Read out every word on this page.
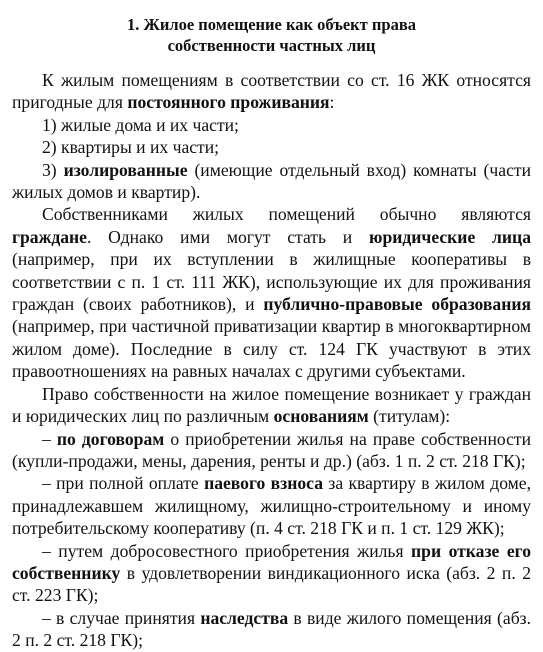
1. Жилое помещение как объект права
собственности частных лиц

К жилым помещениям в соответствии со ст. 16 ЖК относятся пригодные для постоянного проживания:

1) жилые дома и их части;

2) квартиры и их части;

3) изолированные (имеющие отдельный вход) комнаты (части жилых домов и квартир).

Собственниками жилых помещений обычно являются граждане. Однако ими могут стать и юридические лица (например, при их вступлении в жилищные кооперативы в соответствии с п. 1 ст. 111 ЖК), использующие их для проживания граждан (своих работников), и публично-правовые образования (например, при частичной приватизации квартир в многоквартирном жилом доме). Последние в силу ст. 124 ГК участвуют в этих правоотношениях на равных началах с другими субъектами.

Право собственности на жилое помещение возникает у граждан и юридических лиц по различным основаниям (титулам):

– по договорам о приобретении жилья на праве собственности (купли-продажи, мены, дарения, ренты и др.) (абз. 1 п. 2 ст. 218 ГК);

– при полной оплате паевого взноса за квартиру в жилом доме, принадлежавшем жилищному, жилищно-строительному и иному потребительскому кооперативу (п. 4 ст. 218 ГК и п. 1 ст. 129 ЖК);

– путем добросовестного приобретения жилья при отказе его собственнику в удовлетворении виндикационного иска (абз. 2 п. 2 ст. 223 ГК);

– в случае принятия наследства в виде жилого помещения (абз. 2 п. 2 ст. 218 ГК);
